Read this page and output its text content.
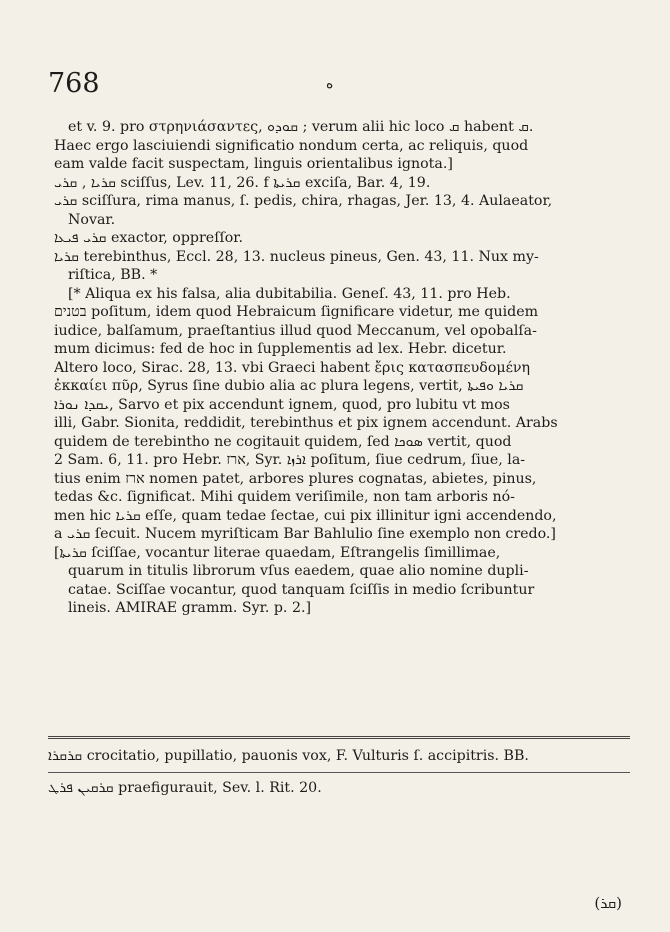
768	ﻩ
et v. 9. pro στρηνιάσαντες, ܩܘܕܘ ; verum alii hic loco ܩ habent ܩ.
Haec ergo lasciuiendi significatio nondum certa, ac reliquis, quod
eam valde facit suspectam, linguis orientalibus ignota.]
ܩܪܝܐ , ܩܪܝ sciſſus, Lev. 11, 26. f ܩܪܝܬܐ exciſa, Bar. 4, 19.
ܩܪܝ sciſſura, rima manus, ſ. pedis, chira, rhagas, Jer. 13, 4. Aulaeator,
Novar.
ܩܪܝ ܦܝܥܐ exactor, oppreſſor.
ܩܪܝܐ terebinthus, Eccl. 28, 13. nucleus pineus, Gen. 43, 11. Nux my-
riſtica, BB. *
[* Aliqua ex his falsa, alia dubitabilia. Geneſ. 43, 11. pro Heb.
בטנים poſitum, idem quod Hebraicum ſignificare videtur, me quidem
iudice, balſamum, praeſtantius illud quod Meccanum, vel opobalſa-
mum dicimus: fed de hoc in ſupplementis ad lex. Hebr. dicetur.
Altero loco, Sirac. 28, 13. vbi Graeci habent ἔρις κατασπευδομένη
ἐκκαίει πῦρ, Syrus ſine dubio alia ac plura legens, vertit, ܩܪܝܐ ܘܦܝܬܐ
ܝܩܕܐ ܢܘܪܐ, Sarvo et pix accendunt ignem, quod, pro lubitu vt mos
illi, Gabr. Sionita, reddidit, terebinthus et pix ignem accendunt. Arabs
quidem de terebintho ne cogitauit quidem, ſed ܣܘܟܐ vertit, quod
2 Sam. 6, 11. pro Hebr. ארז, Syr. ܐܪܙܐ poſitum, ſiue cedrum, ſiue, la-
tius enim ארז nomen patet, arbores plures cognatas, abietes, pinus,
tedas &c. ſignificat. Mihi quidem veriſimile, non tam arboris nó-
men hic ܩܪܝܐ eſſe, quam tedae ſectae, cui pix illinitur igni accendendo,
a ܩܪܝ ſecuit. Nucem myriſticam Bar Bahlulio ſine exemplo non credo.]
[ܩܪܝܬܐ ſciſſae, vocantur literae quaedam, Eſtrangelis ſimillimae,
quarum in titulis librorum vſus eaedem, quae alio nomine dupli-
catae. Sciſſae vocantur, quod tanquam ſciſſis in medio ſcribuntur
lineis. AMIRAE gramm. Syr. p. 2.]
ܩܪܩܪܐ crocitatio, pupillatio, pauonis vox, F. Vulturis ſ. accipitris. BB.
ܩܪܩܝܢ ܦܪܛ praefigurauit, Sev. l. Rit. 20.
(ܩܪ)
